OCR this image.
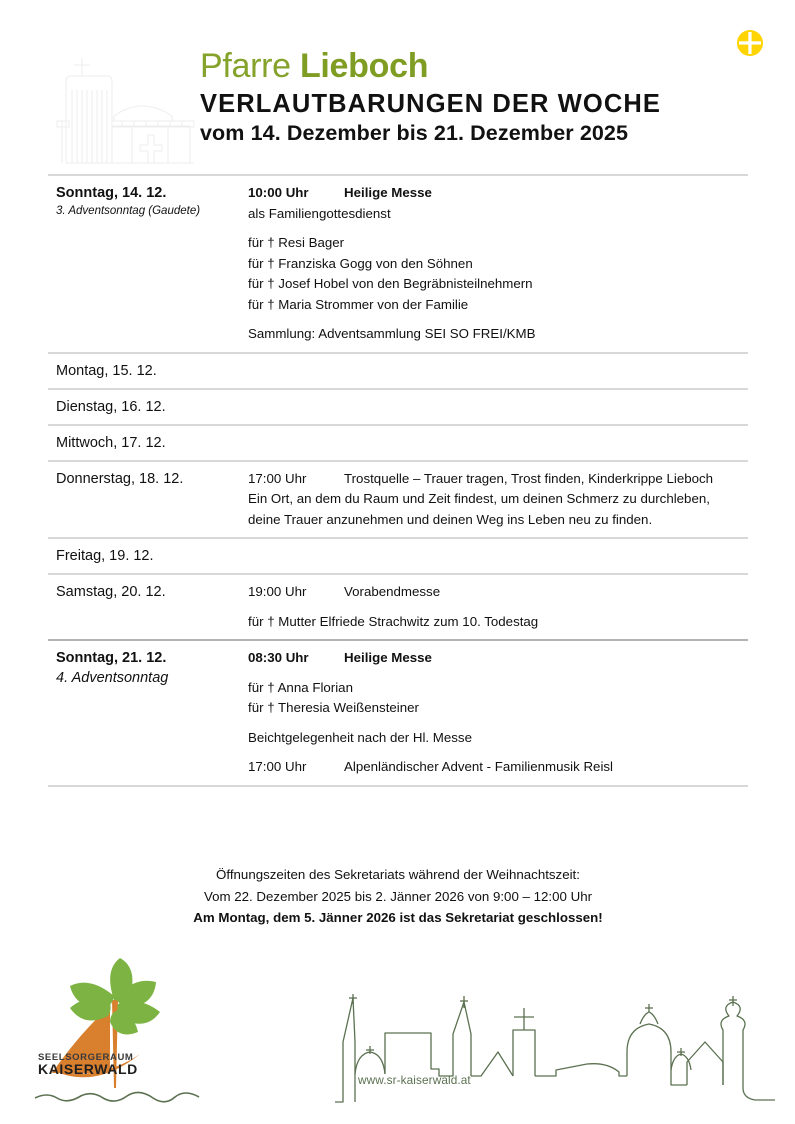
Pfarre Lieboch
VERLAUTBARUNGEN DER WOCHE
vom 14. Dezember bis 21. Dezember 2025
Sonntag, 14. 12.
3. Adventsonntag (Gaudete)
10:00 Uhr	Heilige Messe
als Familiengottesdienst
für † Resi Bager
für † Franziska Gogg von den Söhnen
für † Josef Hobel von den Begräbnisteilnehmern
für † Maria Strommer von der Familie
Sammlung: Adventsammlung SEI SO FREI/KMB
Montag, 15. 12.
Dienstag, 16. 12.
Mittwoch, 17. 12.
Donnerstag, 18. 12.	17:00 Uhr	Trostquelle – Trauer tragen, Trost finden, Kinderkrippe Lieboch
Ein Ort, an dem du Raum und Zeit findest, um deinen Schmerz zu durchleben, deine Trauer anzunehmen und deinen Weg ins Leben neu zu finden.
Freitag, 19. 12.
Samstag, 20. 12.	19:00 Uhr	Vorabendmesse
für † Mutter Elfriede Strachwitz zum 10. Todestag
Sonntag, 21. 12.
4. Adventsonntag
08:30 Uhr	Heilige Messe
für † Anna Florian
für † Theresia Weißensteiner
Beichtgelegenheit nach der Hl. Messe
17:00 Uhr	Alpenländischer Advent - Familienmusik Reisl
Öffnungszeiten des Sekretariats während der Weihnachtszeit:
Vom 22. Dezember 2025 bis 2. Jänner 2026 von 9:00 – 12:00 Uhr
Am Montag, dem 5. Jänner 2026 ist das Sekretariat geschlossen!
SEELSORGERAUM
KAISERWALD
www.sr-kaiserwald.at
